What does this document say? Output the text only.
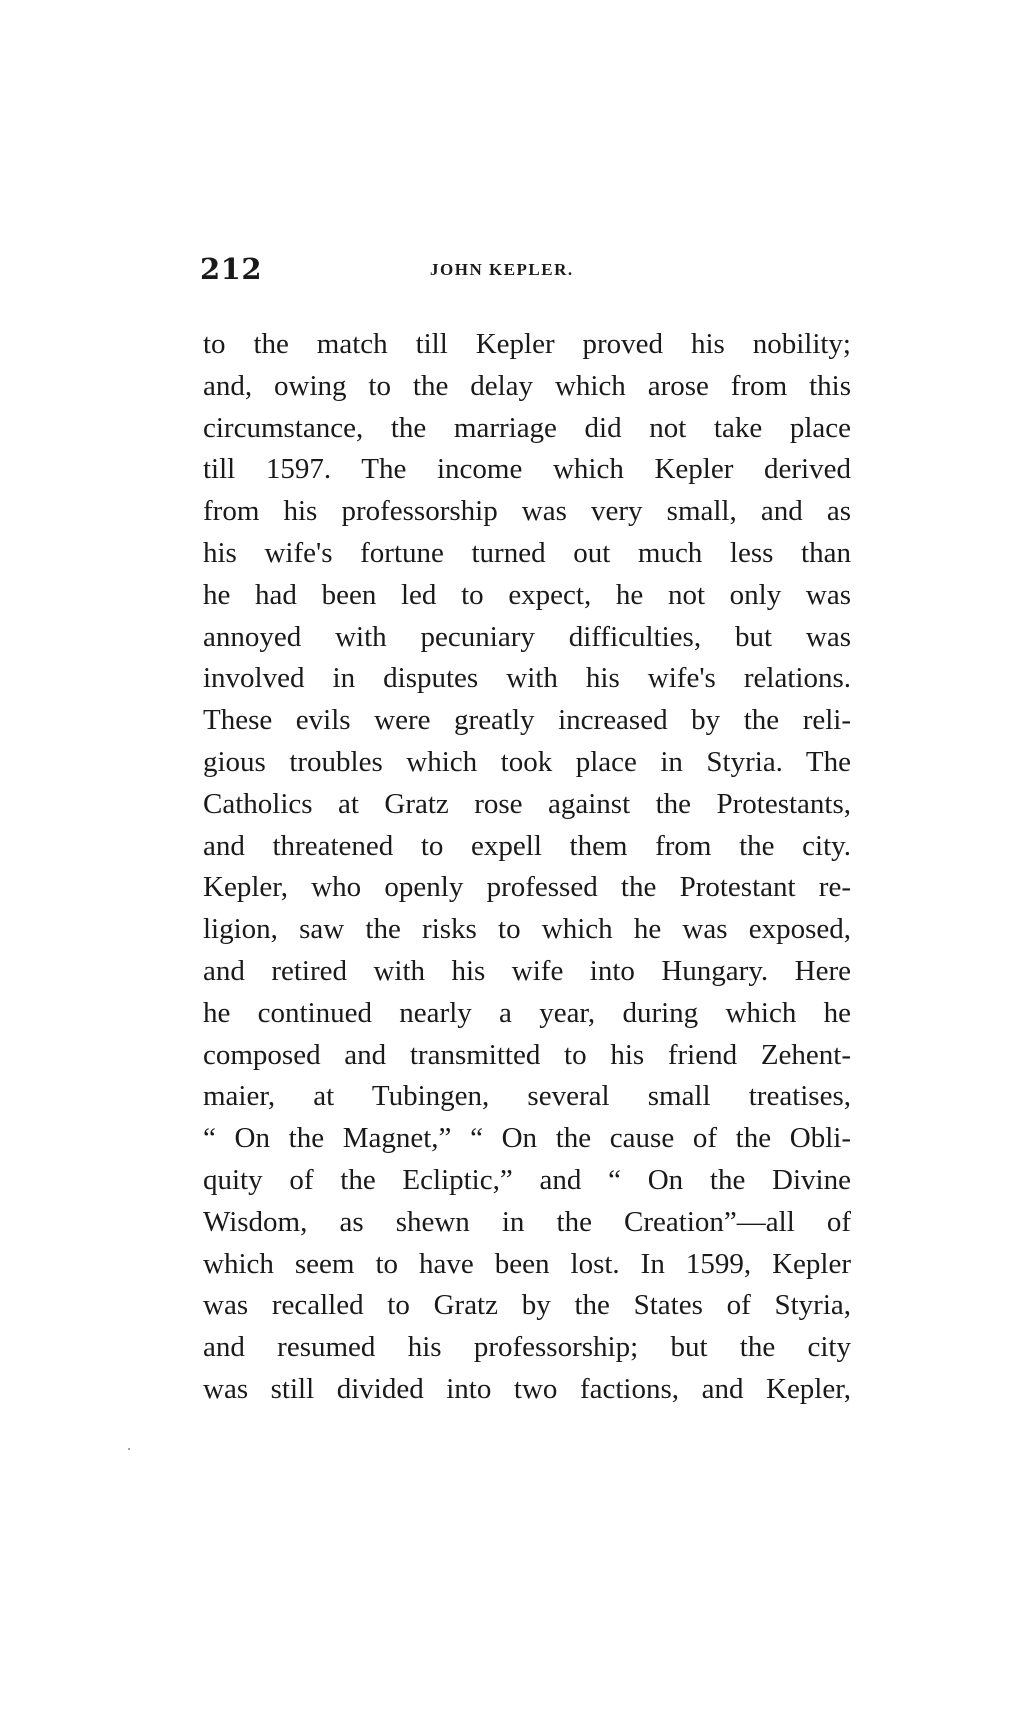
212	JOHN KEPLER.
to the match till Kepler proved his nobility;
and, owing to the delay which arose from this
circumstance, the marriage did not take place
till 1597. The income which Kepler derived
from his professorship was very small, and as
his wife's fortune turned out much less than
he had been led to expect, he not only was
annoyed with pecuniary difficulties, but was
involved in disputes with his wife's relations.
These evils were greatly increased by the reli-
gious troubles which took place in Styria. The
Catholics at Gratz rose against the Protestants,
and threatened to expell them from the city.
Kepler, who openly professed the Protestant re-
ligion, saw the risks to which he was exposed,
and retired with his wife into Hungary. Here
he continued nearly a year, during which he
composed and transmitted to his friend Zehent-
maier, at Tubingen, several small treatises,
“ On the Magnet,” “ On the cause of the Obli-
quity of the Ecliptic,” and “ On the Divine
Wisdom, as shewn in the Creation”—all of
which seem to have been lost. In 1599, Kepler
was recalled to Gratz by the States of Styria,
and resumed his professorship; but the city
was still divided into two factions, and Kepler,
